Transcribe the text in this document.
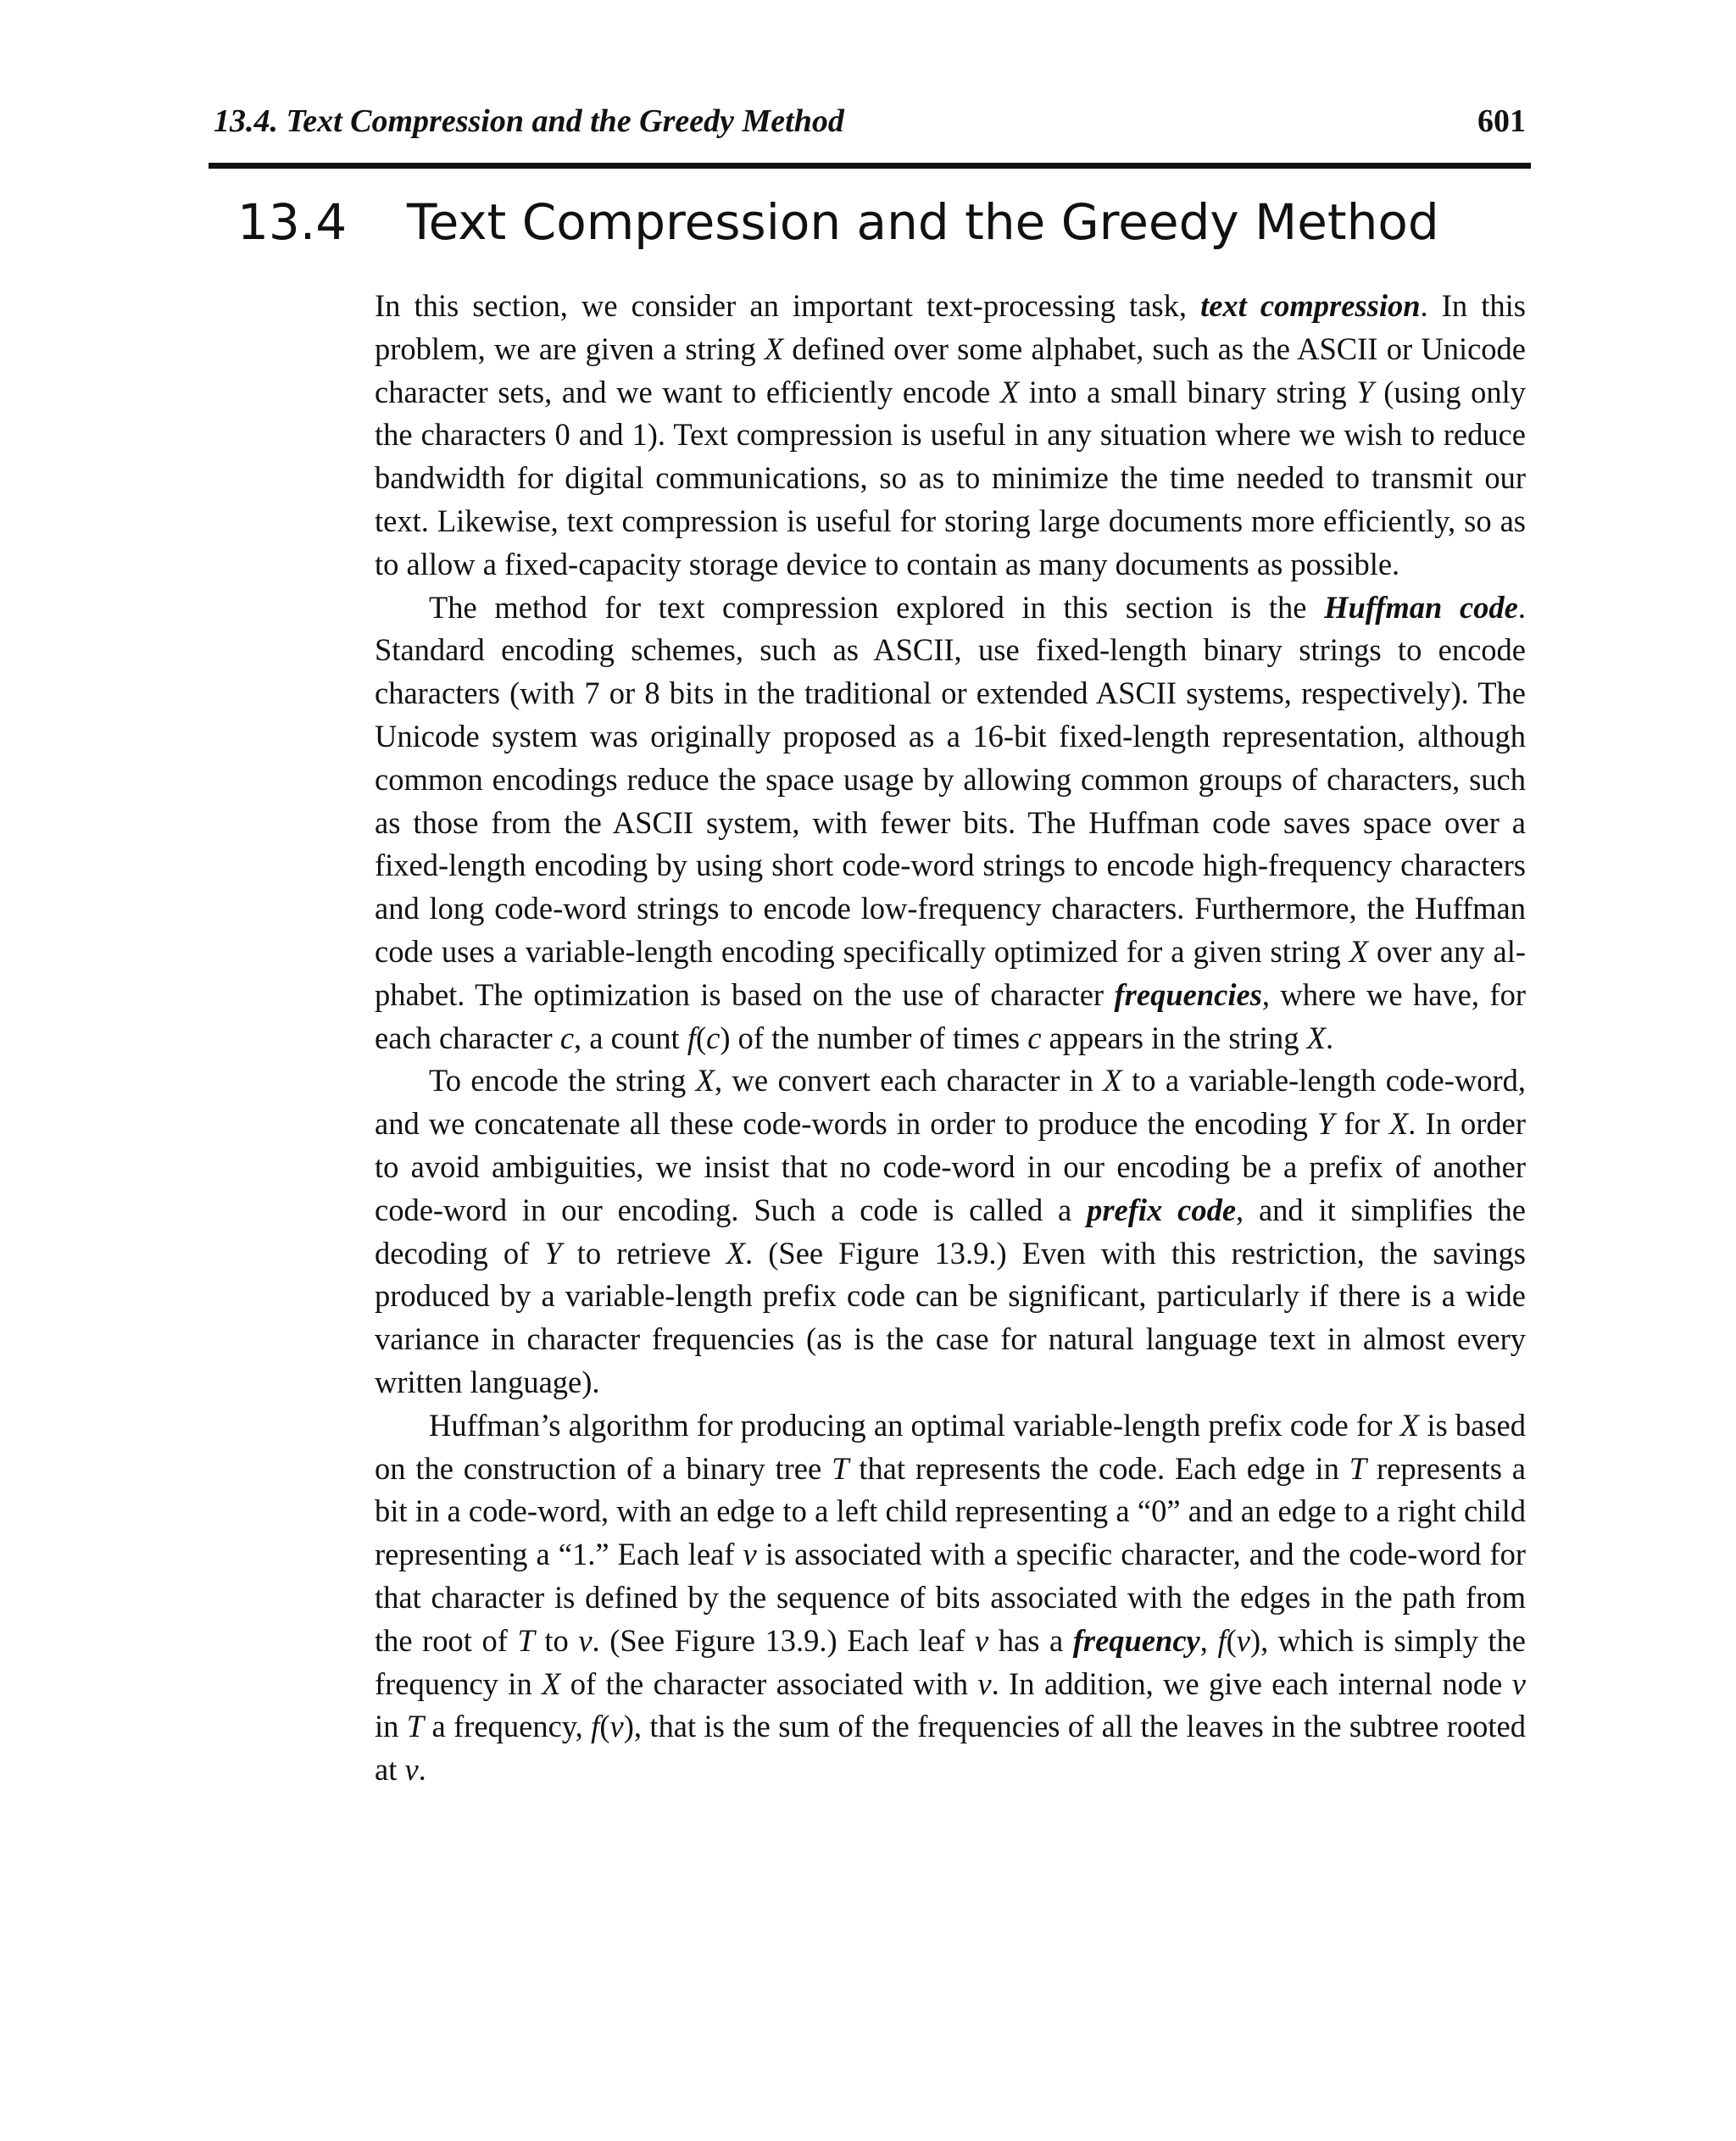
13.4. Text Compression and the Greedy Method	601
13.4 Text Compression and the Greedy Method

In this section, we consider an important text-processing task, text compression. In this problem, we are given a string X defined over some alphabet, such as the ASCII or Unicode character sets, and we want to efficiently encode X into a small binary string Y (using only the characters 0 and 1). Text compression is useful in any situation where we wish to reduce bandwidth for digital communications, so as to minimize the time needed to transmit our text. Likewise, text compression is useful for storing large documents more efficiently, so as to allow a fixed-capacity storage device to contain as many documents as possible.

The method for text compression explored in this section is the Huffman code. Standard encoding schemes, such as ASCII, use fixed-length binary strings to encode characters (with 7 or 8 bits in the traditional or extended ASCII systems, respectively). The Unicode system was originally proposed as a 16-bit fixed-length representation, although common encodings reduce the space usage by allowing common groups of characters, such as those from the ASCII system, with fewer bits. The Huffman code saves space over a fixed-length encoding by using short code-word strings to encode high-frequency characters and long code-word strings to encode low-frequency characters. Furthermore, the Huffman code uses a variable-length encoding specifically optimized for a given string X over any alphabet. The optimization is based on the use of character frequencies, where we have, for each character c, a count f(c) of the number of times c appears in the string X.

To encode the string X, we convert each character in X to a variable-length code-word, and we concatenate all these code-words in order to produce the encoding Y for X. In order to avoid ambiguities, we insist that no code-word in our encoding be a prefix of another code-word in our encoding. Such a code is called a prefix code, and it simplifies the decoding of Y to retrieve X. (See Figure 13.9.) Even with this restriction, the savings produced by a variable-length prefix code can be significant, particularly if there is a wide variance in character frequencies (as is the case for natural language text in almost every written language).

Huffman’s algorithm for producing an optimal variable-length prefix code for X is based on the construction of a binary tree T that represents the code. Each edge in T represents a bit in a code-word, with an edge to a left child representing a “0” and an edge to a right child representing a “1.” Each leaf v is associated with a specific character, and the code-word for that character is defined by the sequence of bits associated with the edges in the path from the root of T to v. (See Figure 13.9.) Each leaf v has a frequency, f(v), which is simply the frequency in X of the character associated with v. In addition, we give each internal node v in T a frequency, f(v), that is the sum of the frequencies of all the leaves in the subtree rooted at v.
